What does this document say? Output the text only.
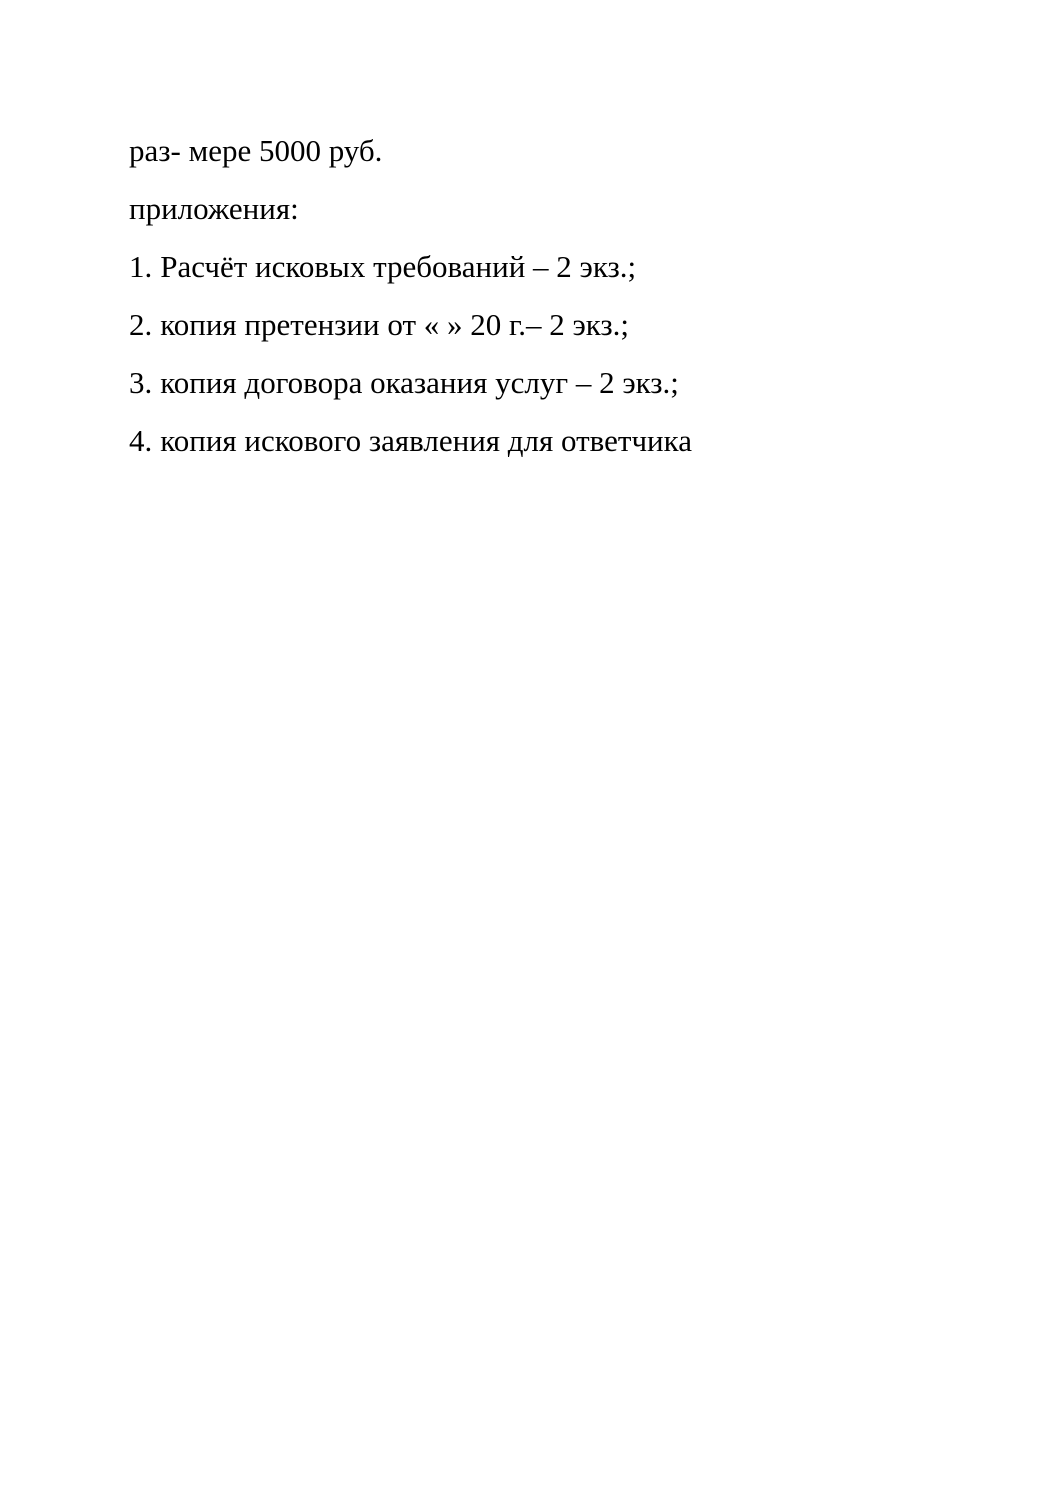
раз- мере 5000 руб.
приложения:
1. Расчёт исковых требований – 2 экз.;
2. копия претензии от « » 20 г.– 2 экз.;
3. копия договора оказания услуг – 2 экз.;
4. копия искового заявления для ответчика
